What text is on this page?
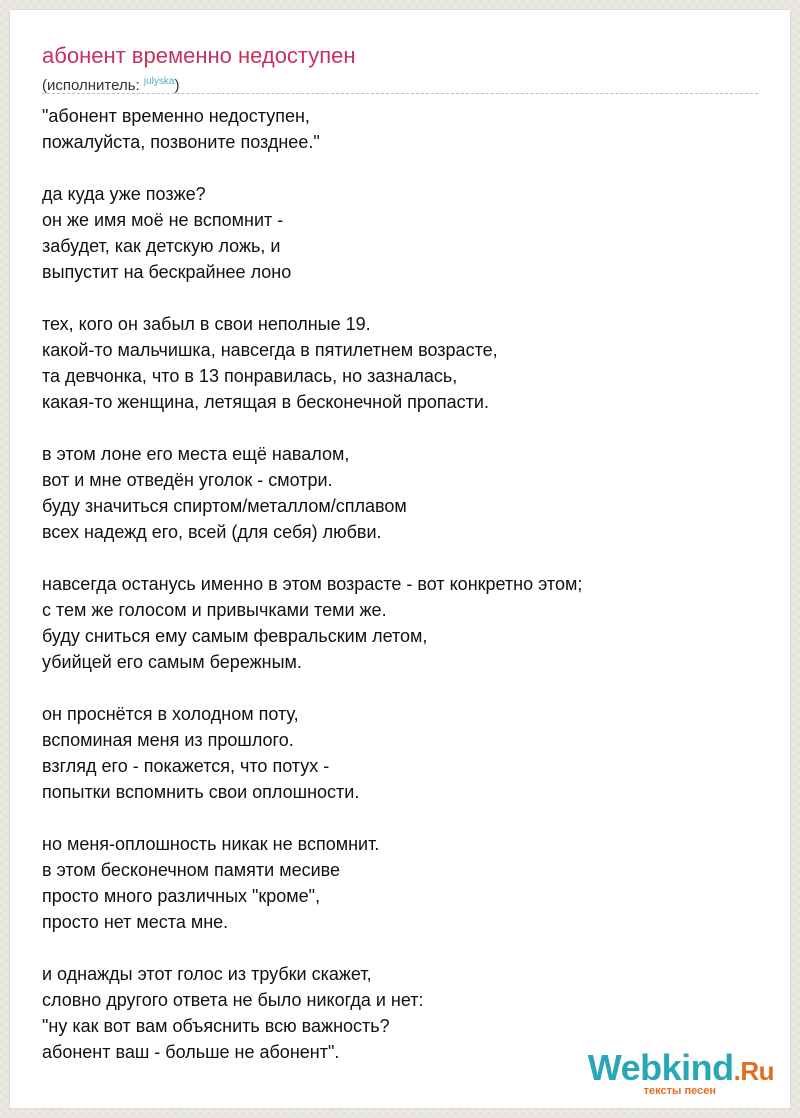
абонент временно недоступен
(исполнитель: $^{julyska}$)
"абонент временно недоступен,
пожалуйста, позвоните позднее."
да куда уже позже?
он же имя моё не вспомнит -
забудет, как детскую ложь, и
выпустит на бескрайнее лоно
тех, кого он забыл в свои неполные 19.
какой-то мальчишка, навсегда в пятилетнем возрасте,
та девчонка, что в 13 понравилась, но зазналась,
какая-то женщина, летящая в бесконечной пропасти.
в этом лоне его места ещё навалом,
вот и мне отведён уголок - смотри.
буду значиться спиртом/металлом/сплавом
всех надежд его, всей (для себя) любви.
навсегда останусь именно в этом возрасте - вот конкретно этом;
с тем же голосом и привычками теми же.
буду сниться ему самым февральским летом,
убийцей его самым бережным.
он проснётся в холодном поту,
вспоминая меня из прошлого.
взгляд его - покажется, что потух -
попытки вспомнить свои оплошности.
но меня-оплошность никак не вспомнит.
в этом бесконечном памяти месиве
просто много различных "кроме",
просто нет места мне.
и однажды этот голос из трубки скажет,
словно другого ответа не было никогда и нет:
"ну как вот вам объяснить всю важность?
абонент ваш - больше не абонент".	Webkind.Ru
тексты песен
